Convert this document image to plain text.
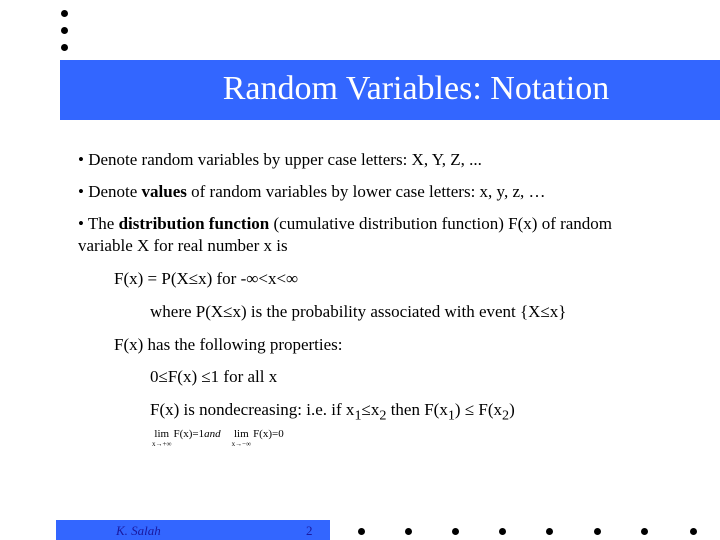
Random Variables: Notation
• Denote random variables by upper case letters: X, Y, Z, ...
• Denote values of random variables by lower case letters: x, y, z, …
• The distribution function (cumulative distribution function) F(x) of random
variable X for real number x is
F(x) = P(X≤x) for -∞<x<∞
where P(X≤x) is the probability associated with event {X≤x}
F(x) has the following properties:
0≤F(x) ≤1 for all x
F(x) is nondecreasing: i.e. if $x_1\le x_2$ then $F(x_1) \le F(x_2)$
lim
x→+∞
F(x)=1and lim
x→−∞
F(x)=0
K. Salah	2
